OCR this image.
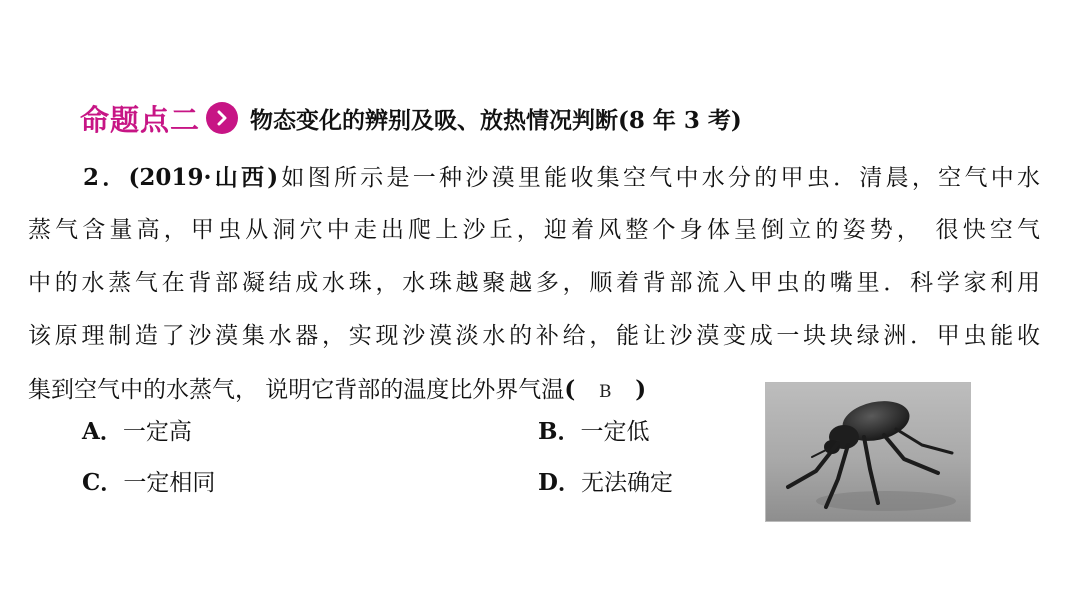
命题点二 物态变化的辨别及吸、放热情况判断(8 年 3 考)
2．(2019·山西)如图所示是一种沙漠里能收集空气中水分的甲虫．清晨，空气中水
蒸气含量高，甲虫从洞穴中走出爬上沙丘，迎着风整个身体呈倒立的姿势， 很快空气
中的水蒸气在背部凝结成水珠，水珠越聚越多，顺着背部流入甲虫的嘴里．科学家利用
该原理制造了沙漠集水器，实现沙漠淡水的补给，能让沙漠变成一块块绿洲．甲虫能收
集到空气中的水蒸气， 说明它背部的温度比外界气温( B )
A．一定高	B．一定低
C．一定相同	D．无法确定
